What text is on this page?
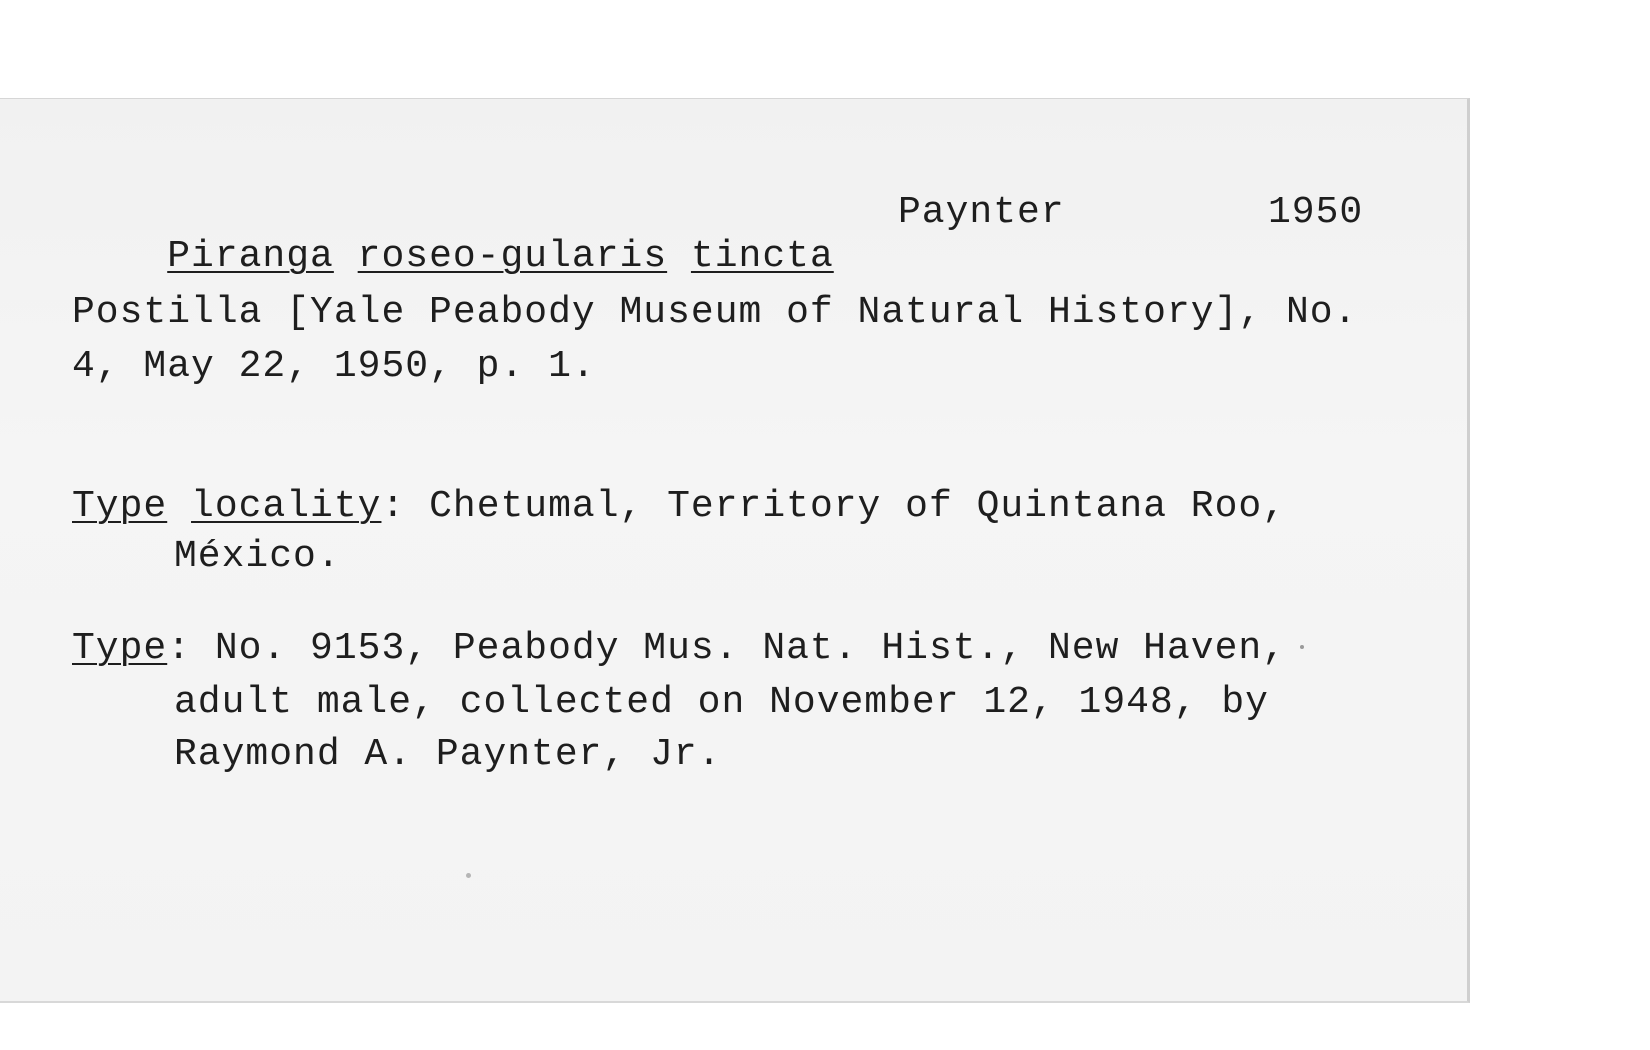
Piranga roseo-gularis tincta

Paynter	1950
Postilla [Yale Peabody Museum of Natural History], No.
4, May 22, 1950, p. 1.
Type locality: Chetumal, Territory of Quintana Roo,
México.
Type: No. 9153, Peabody Mus. Nat. Hist., New Haven,
adult male, collected on November 12, 1948, by
Raymond A. Paynter, Jr.
